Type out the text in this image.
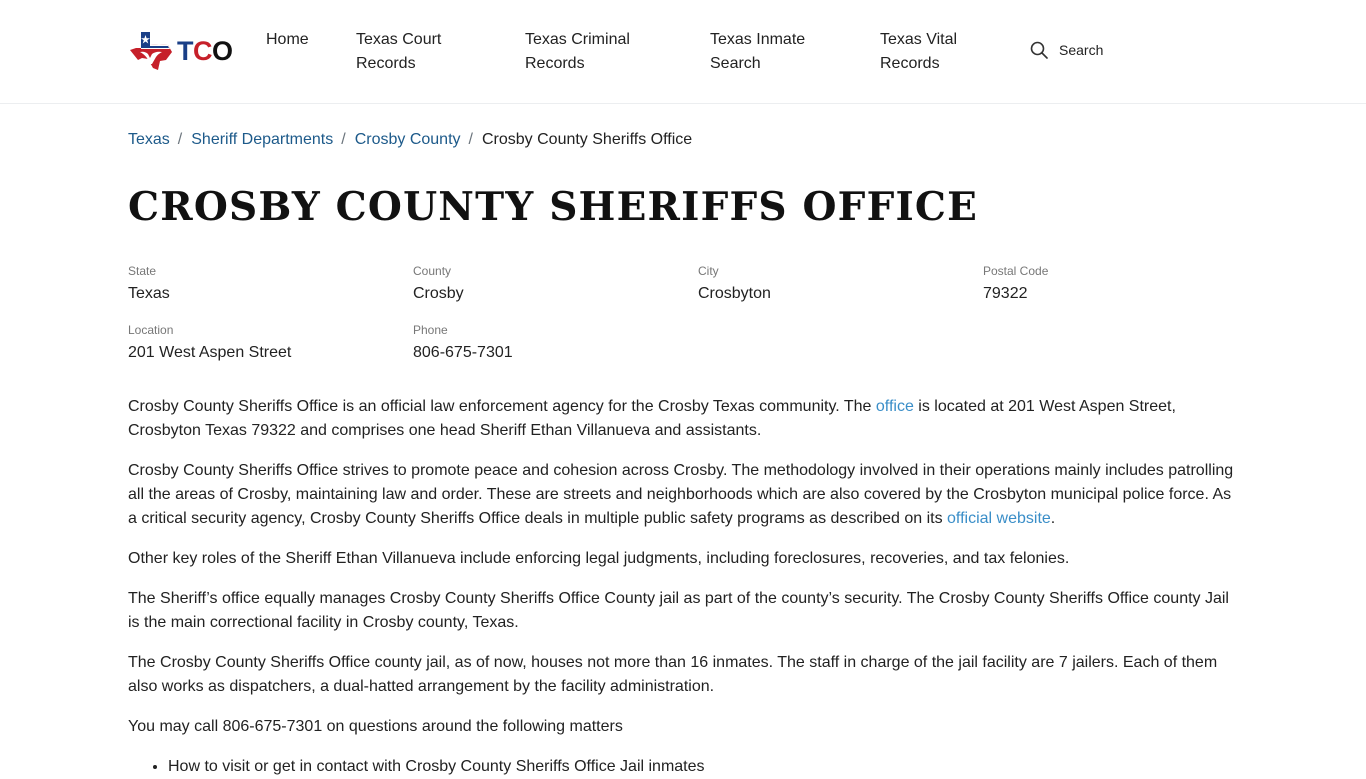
TCO Home	Texas Court
Records
Texas Criminal
Records
Texas Inmate
Search
Texas Vital
Records
Search
Texas / Sheriff Departments / Crosby County / Crosby County Sheriffs Office
CROSBY COUNTY SHERIFFS OFFICE
State
Texas
County
Crosby
City
Crosbyton
Postal Code
79322
Location
201 West Aspen Street
Phone
806-675-7301

Crosby County Sheriffs Office is an official law enforcement agency for the Crosby Texas community. The office is located at 201 West Aspen Street, Crosbyton Texas 79322 and comprises one head Sheriff Ethan Villanueva and assistants.

Crosby County Sheriffs Office strives to promote peace and cohesion across Crosby. The methodology involved in their operations mainly includes patrolling all the areas of Crosby, maintaining law and order. These are streets and neighborhoods which are also covered by the Crosbyton municipal police force. As a critical security agency, Crosby County Sheriffs Office deals in multiple public safety programs as described on its official website.

Other key roles of the Sheriff Ethan Villanueva include enforcing legal judgments, including foreclosures, recoveries, and tax felonies.

The Sheriff’s office equally manages Crosby County Sheriffs Office County jail as part of the county’s security. The Crosby County Sheriffs Office county Jail is the main correctional facility in Crosby county, Texas.

The Crosby County Sheriffs Office county jail, as of now, houses not more than 16 inmates. The staff in charge of the jail facility are 7 jailers. Each of them also works as dispatchers, a dual-hatted arrangement by the facility administration.

You may call 806-675-7301 on questions around the following matters

• How to visit or get in contact with Crosby County Sheriffs Office Jail inmates
